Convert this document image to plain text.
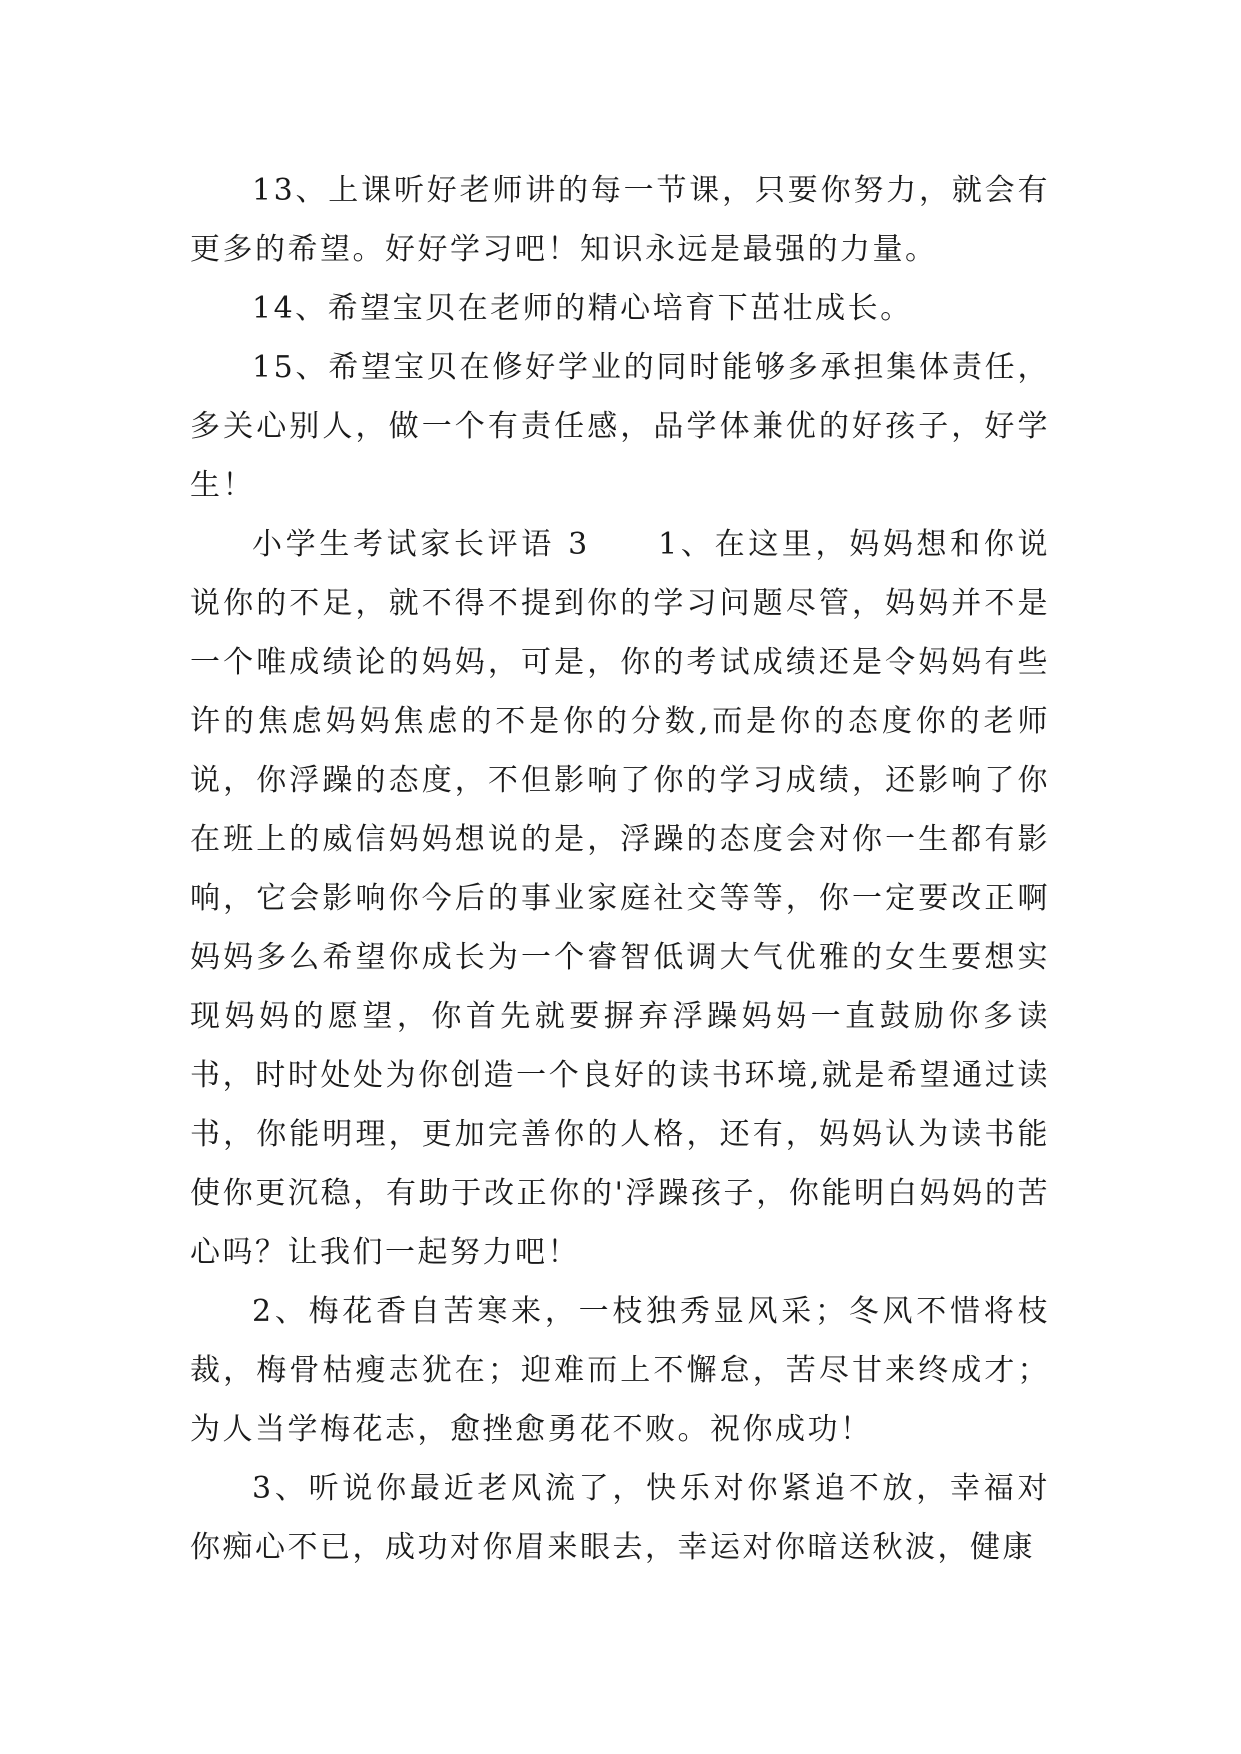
13、上课听好老师讲的每一节课，只要你努力，就会有更多的希望。好好学习吧！知识永远是最强的力量。

14、希望宝贝在老师的精心培育下茁壮成长。

15、希望宝贝在修好学业的同时能够多承担集体责任，多关心别人，做一个有责任感，品学体兼优的好孩子，好学生！

小学生考试家长评语 3　　1、在这里，妈妈想和你说说你的不足，就不得不提到你的学习问题尽管，妈妈并不是一个唯成绩论的妈妈，可是，你的考试成绩还是令妈妈有些许的焦虑妈妈焦虑的不是你的分数,而是你的态度你的老师说，你浮躁的态度，不但影响了你的学习成绩，还影响了你在班上的威信妈妈想说的是，浮躁的态度会对你一生都有影响，它会影响你今后的事业家庭社交等等，你一定要改正啊妈妈多么希望你成长为一个睿智低调大气优雅的女生要想实现妈妈的愿望，你首先就要摒弃浮躁妈妈一直鼓励你多读书，时时处处为你创造一个良好的读书环境,就是希望通过读书，你能明理，更加完善你的人格，还有，妈妈认为读书能使你更沉稳，有助于改正你的'浮躁孩子，你能明白妈妈的苦心吗？让我们一起努力吧！

2、梅花香自苦寒来，一枝独秀显风采；冬风不惜将枝裁，梅骨枯瘦志犹在；迎难而上不懈怠，苦尽甘来终成才；为人当学梅花志，愈挫愈勇花不败。祝你成功！

3、听说你最近老风流了，快乐对你紧追不放，幸福对你痴心不已，成功对你眉来眼去，幸运对你暗送秋波，健康
